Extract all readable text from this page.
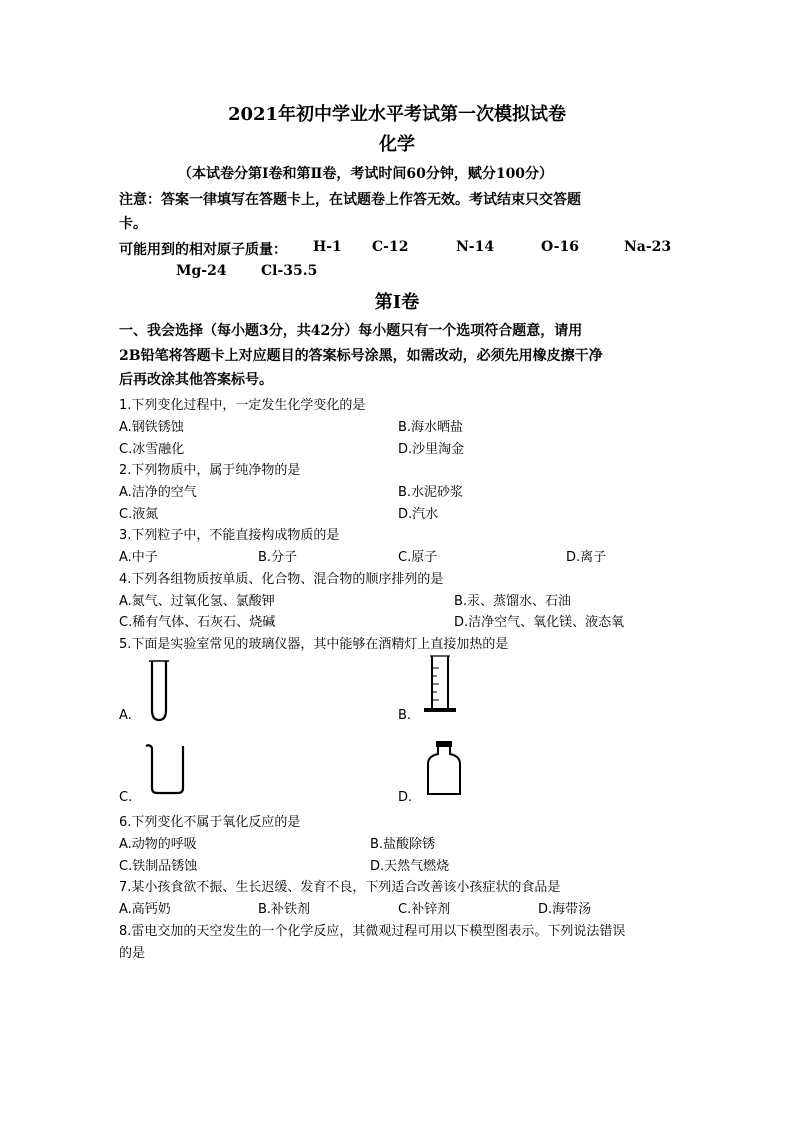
2021年初中学业水平考试第一次模拟试卷
化学
（本试卷分第Ⅰ卷和第Ⅱ卷，考试时间60分钟，赋分100分）
注意：答案一律填写在答题卡上，在试题卷上作答无效。考试结束只交答题
卡。
可能用到的相对原子质量： H-1 C-12	N-14	O-16	Na-23
Mg-24 Cl-35.5
第Ⅰ卷
一、我会选择（每小题3分，共42分）每小题只有一个选项符合题意，请用
2B铅笔将答题卡上对应题目的答案标号涂黑，如需改动，必须先用橡皮擦干净
后再改涂其他答案标号。
1.下列变化过程中，一定发生化学变化的是
A.钢铁锈蚀	B.海水晒盐
C.冰雪融化	D.沙里淘金
2.下列物质中，属于纯净物的是
A.洁净的空气	B.水泥砂浆
C.液氮	D.汽水
3.下列粒子中，不能直接构成物质的是
A.中子	B.分子	C.原子	D.离子
4.下列各组物质按单质、化合物、混合物的顺序排列的是
A.氮气、过氧化氢、氯酸钾	B.汞、蒸馏水、石油
C.稀有气体、石灰石、烧碱	D.洁净空气、氧化镁、液态氧
5.下面是实验室常见的玻璃仪器，其中能够在酒精灯上直接加热的是
A.	B.
C.	D.
6.下列变化不属于氧化反应的是
A.动物的呼吸	B.盐酸除锈
C.铁制品锈蚀	D.天然气燃烧
7.某小孩食欲不振、生长迟缓、发育不良，下列适合改善该小孩症状的食品是
A.高钙奶	B.补铁剂	C.补锌剂	D.海带汤
8.雷电交加的天空发生的一个化学反应，其微观过程可用以下模型图表示。下列说法错误
的是
